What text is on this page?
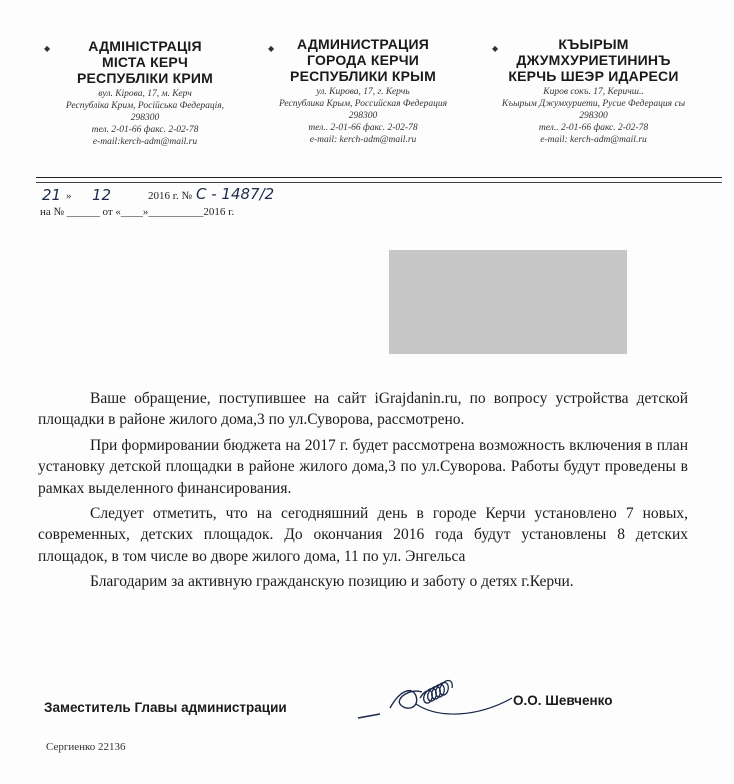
АДМІНІСТРАЦІЯ
МІСТА КЕРЧ
РЕСПУБЛІКИ КРИМ
вул. Кірова, 17, м. Керч
Республіка Крим, Російська Федерація,
298300
тел. 2-01-66 факс. 2-02-78
e-mail:kerch-adm@mail.ru
АДМИНИСТРАЦИЯ
ГОРОДА КЕРЧИ
РЕСПУБЛИКИ КРЫМ
ул. Кирова, 17, г. Керчь
Республика Крым, Российская Федерация
298300
тел.. 2-01-66 факс. 2-02-78
e-mail: kerch-adm@mail.ru
КЪЫРЫМ
ДЖУМХУРИЕТИНИНЪ
КЕРЧЬ ШЕЭР ИДАРЕСИ
Киров сокъ. 17, Керичш..
Къырым Джумхуриети, Русие Федерация сы
298300
тел.. 2-01-66 факс. 2-02-78
e-mail: kerch-adm@mail.ru
◆	◆	◆
21 » 12	2016 г. № С - 1487/2
на № ______ от «____»__________2016 г.

Ваше обращение, поступившее на сайт iGrajdanin.ru, по вопросу устройства детской площадки в районе жилого дома,3 по ул.Суворова, рассмотрено.

При формировании бюджета на 2017 г. будет рассмотрена возможность включения в план установку детской площадки в районе жилого дома,3 по ул.Суворова. Работы будут проведены в рамках выделенного финансирования.

Следует отметить, что на сегодняшний день в городе Керчи установлено 7 новых, современных, детских площадок. До окончания 2016 года будут установлены 8 детских площадок, в том числе во дворе жилого дома, 11 по ул. Энгельса

Благодарим за активную гражданскую позицию и заботу о детях г.Керчи.

Заместитель Главы администрации	О.О. Шевченко
Сергиенко 22136
